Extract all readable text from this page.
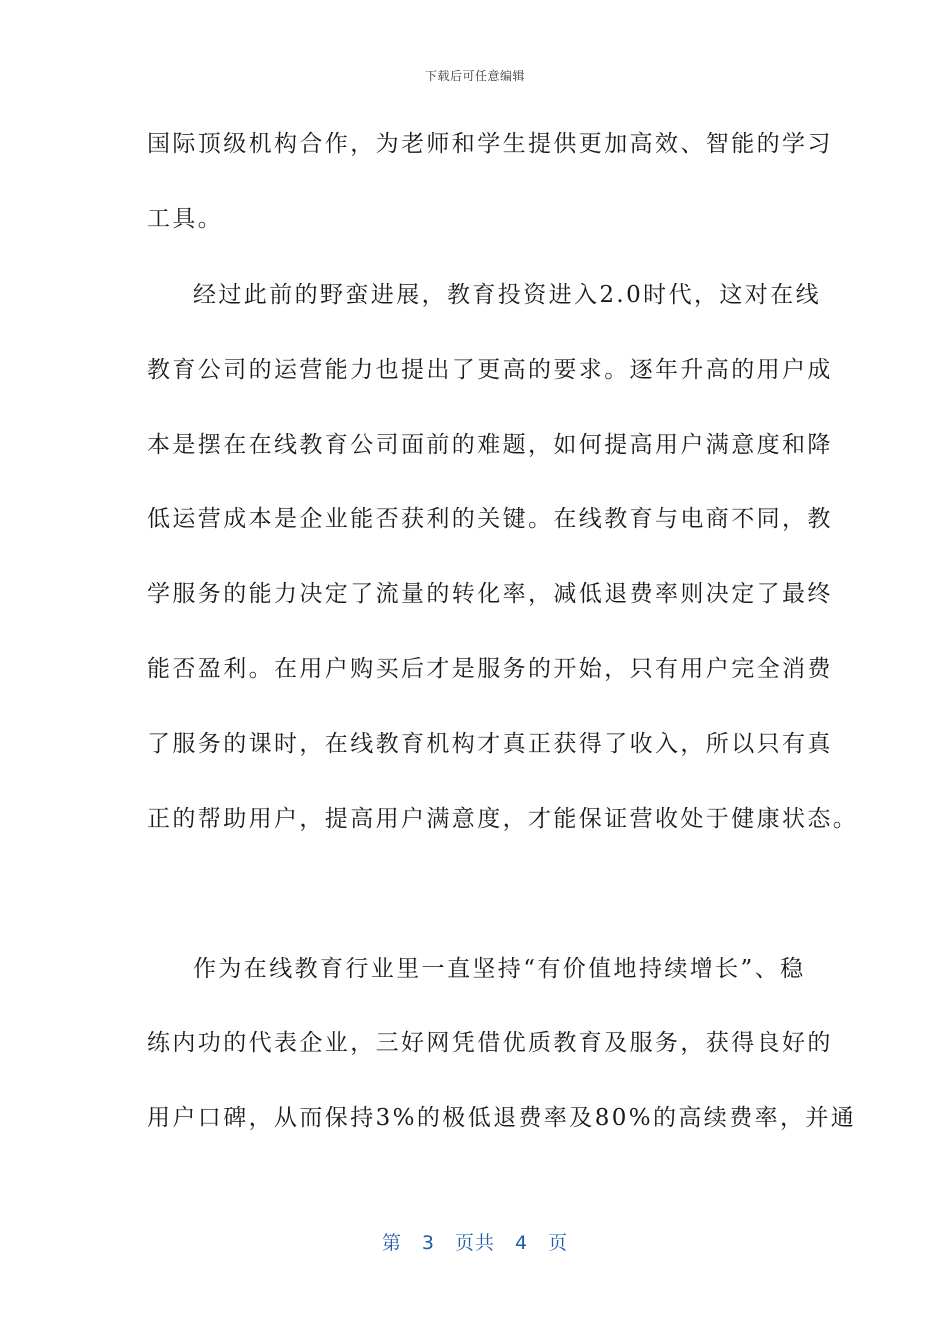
下载后可任意编辑
国际顶级机构合作，为老师和学生提供更加高效、智能的学习
工具。
经过此前的野蛮进展，教育投资进入2.0时代，这对在线
教育公司的运营能力也提出了更高的要求。逐年升高的用户成
本是摆在在线教育公司面前的难题，如何提高用户满意度和降
低运营成本是企业能否获利的关键。在线教育与电商不同，教
学服务的能力决定了流量的转化率，减低退费率则决定了最终
能否盈利。在用户购买后才是服务的开始，只有用户完全消费
了服务的课时，在线教育机构才真正获得了收入，所以只有真
正的帮助用户，提高用户满意度，才能保证营收处于健康状态。
作为在线教育行业里一直坚持“有价值地持续增长”、稳
练内功的代表企业，三好网凭借优质教育及服务，获得良好的
用户口碑，从而保持3%的极低退费率及80%的高续费率，并通
第 3 页共 4 页
